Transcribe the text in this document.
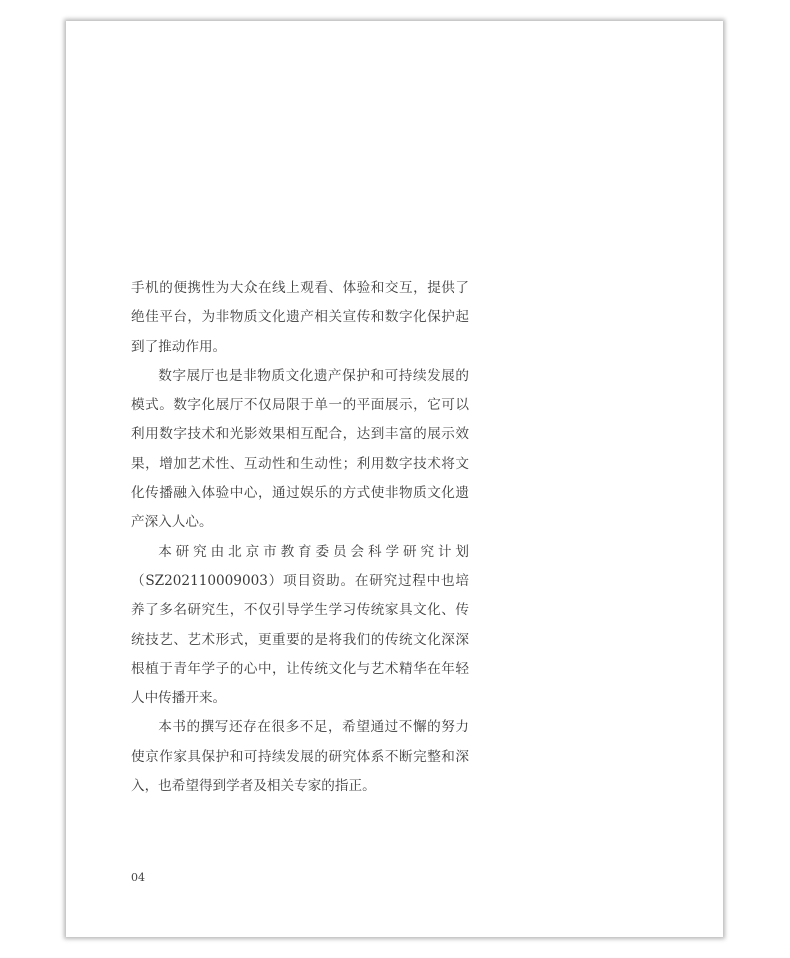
手机的便携性为大众在线上观看、体验和交互，提供了绝佳平台，为非物质文化遗产相关宣传和数字化保护起到了推动作用。

数字展厅也是非物质文化遗产保护和可持续发展的模式。数字化展厅不仅局限于单一的平面展示，它可以利用数字技术和光影效果相互配合，达到丰富的展示效果，增加艺术性、互动性和生动性；利用数字技术将文化传播融入体验中心，通过娱乐的方式使非物质文化遗产深入人心。

本研究由北京市教育委员会科学研究计划（SZ202110009003）项目资助。在研究过程中也培养了多名研究生，不仅引导学生学习传统家具文化、传统技艺、艺术形式，更重要的是将我们的传统文化深深根植于青年学子的心中，让传统文化与艺术精华在年轻人中传播开来。

本书的撰写还存在很多不足，希望通过不懈的努力使京作家具保护和可持续发展的研究体系不断完整和深入，也希望得到学者及相关专家的指正。

04
